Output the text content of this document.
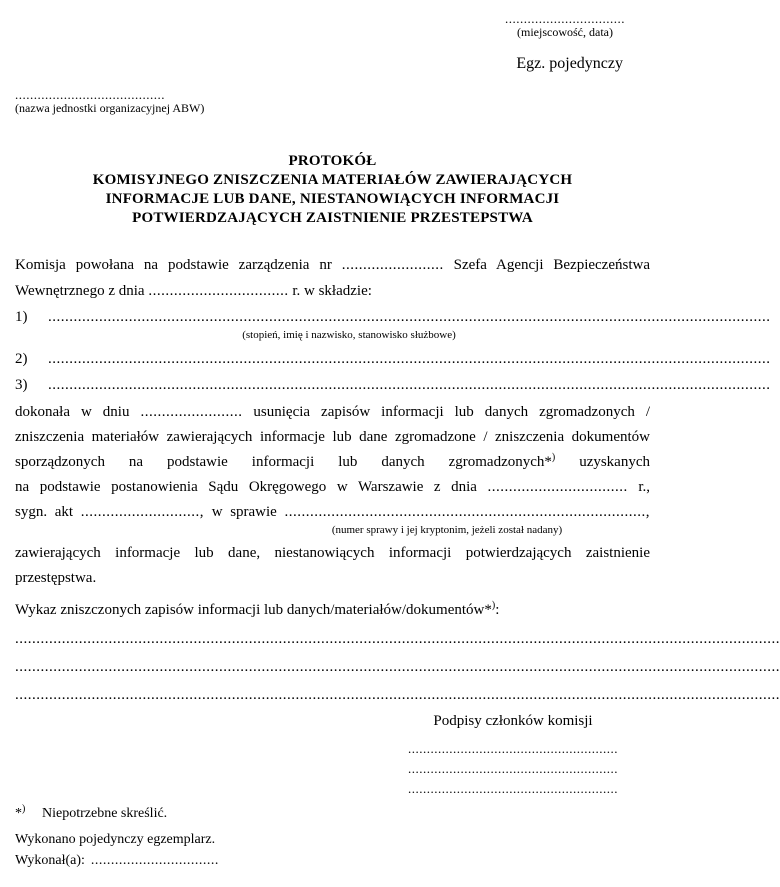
................................
(miejscowość, data)
Egz. pojedynczy
........................................
(nazwa jednostki organizacyjnej ABW)
PROTOKÓŁ
KOMISYJNEGO ZNISZCZENIA MATERIAŁÓW ZAWIERAJĄCYCH
INFORMACJE LUB DANE, NIESTANOWIĄCYCH INFORMACJI
POTWIERDZAJĄCYCH ZAISTNIENIE PRZESTEPSTWA
Komisja powołana na podstawie zarządzenia nr ........................ Szefa Agencji Bezpieczeństwa
Wewnętrznego z dnia ................................. r. w składzie:
1)	..........................................................................................................................................................................
(stopień, imię i nazwisko, stanowisko służbowe)
2)	..........................................................................................................................................................................
3)	..........................................................................................................................................................................
dokonała w dniu ........................ usunięcia zapisów informacji lub danych zgromadzonych /
zniszczenia materiałów zawierających informacje lub dane zgromadzone / zniszczenia dokumentów
sporządzonych na podstawie informacji lub danych zgromadzonych*) uzyskanych
na podstawie postanowienia Sądu Okręgowego w Warszawie z dnia ................................. r.,
sygn. akt ............................, w sprawie .....................................................................................,
(numer sprawy i jej kryptonim, jeżeli został nadany)
zawierających informacje lub dane, niestanowiących informacji potwierdzających zaistnienie
przestępstwa.
Wykaz zniszczonych zapisów informacji lub danych/materiałów/dokumentów*):
....................................................................................................................................................................................
....................................................................................................................................................................................
....................................................................................................................................................................................
Podpisy członków komisji
........................................................
........................................................
........................................................
*) Niepotrzebne skreślić.
Wykonano pojedynczy egzemplarz.
Wykonał(a): ................................
